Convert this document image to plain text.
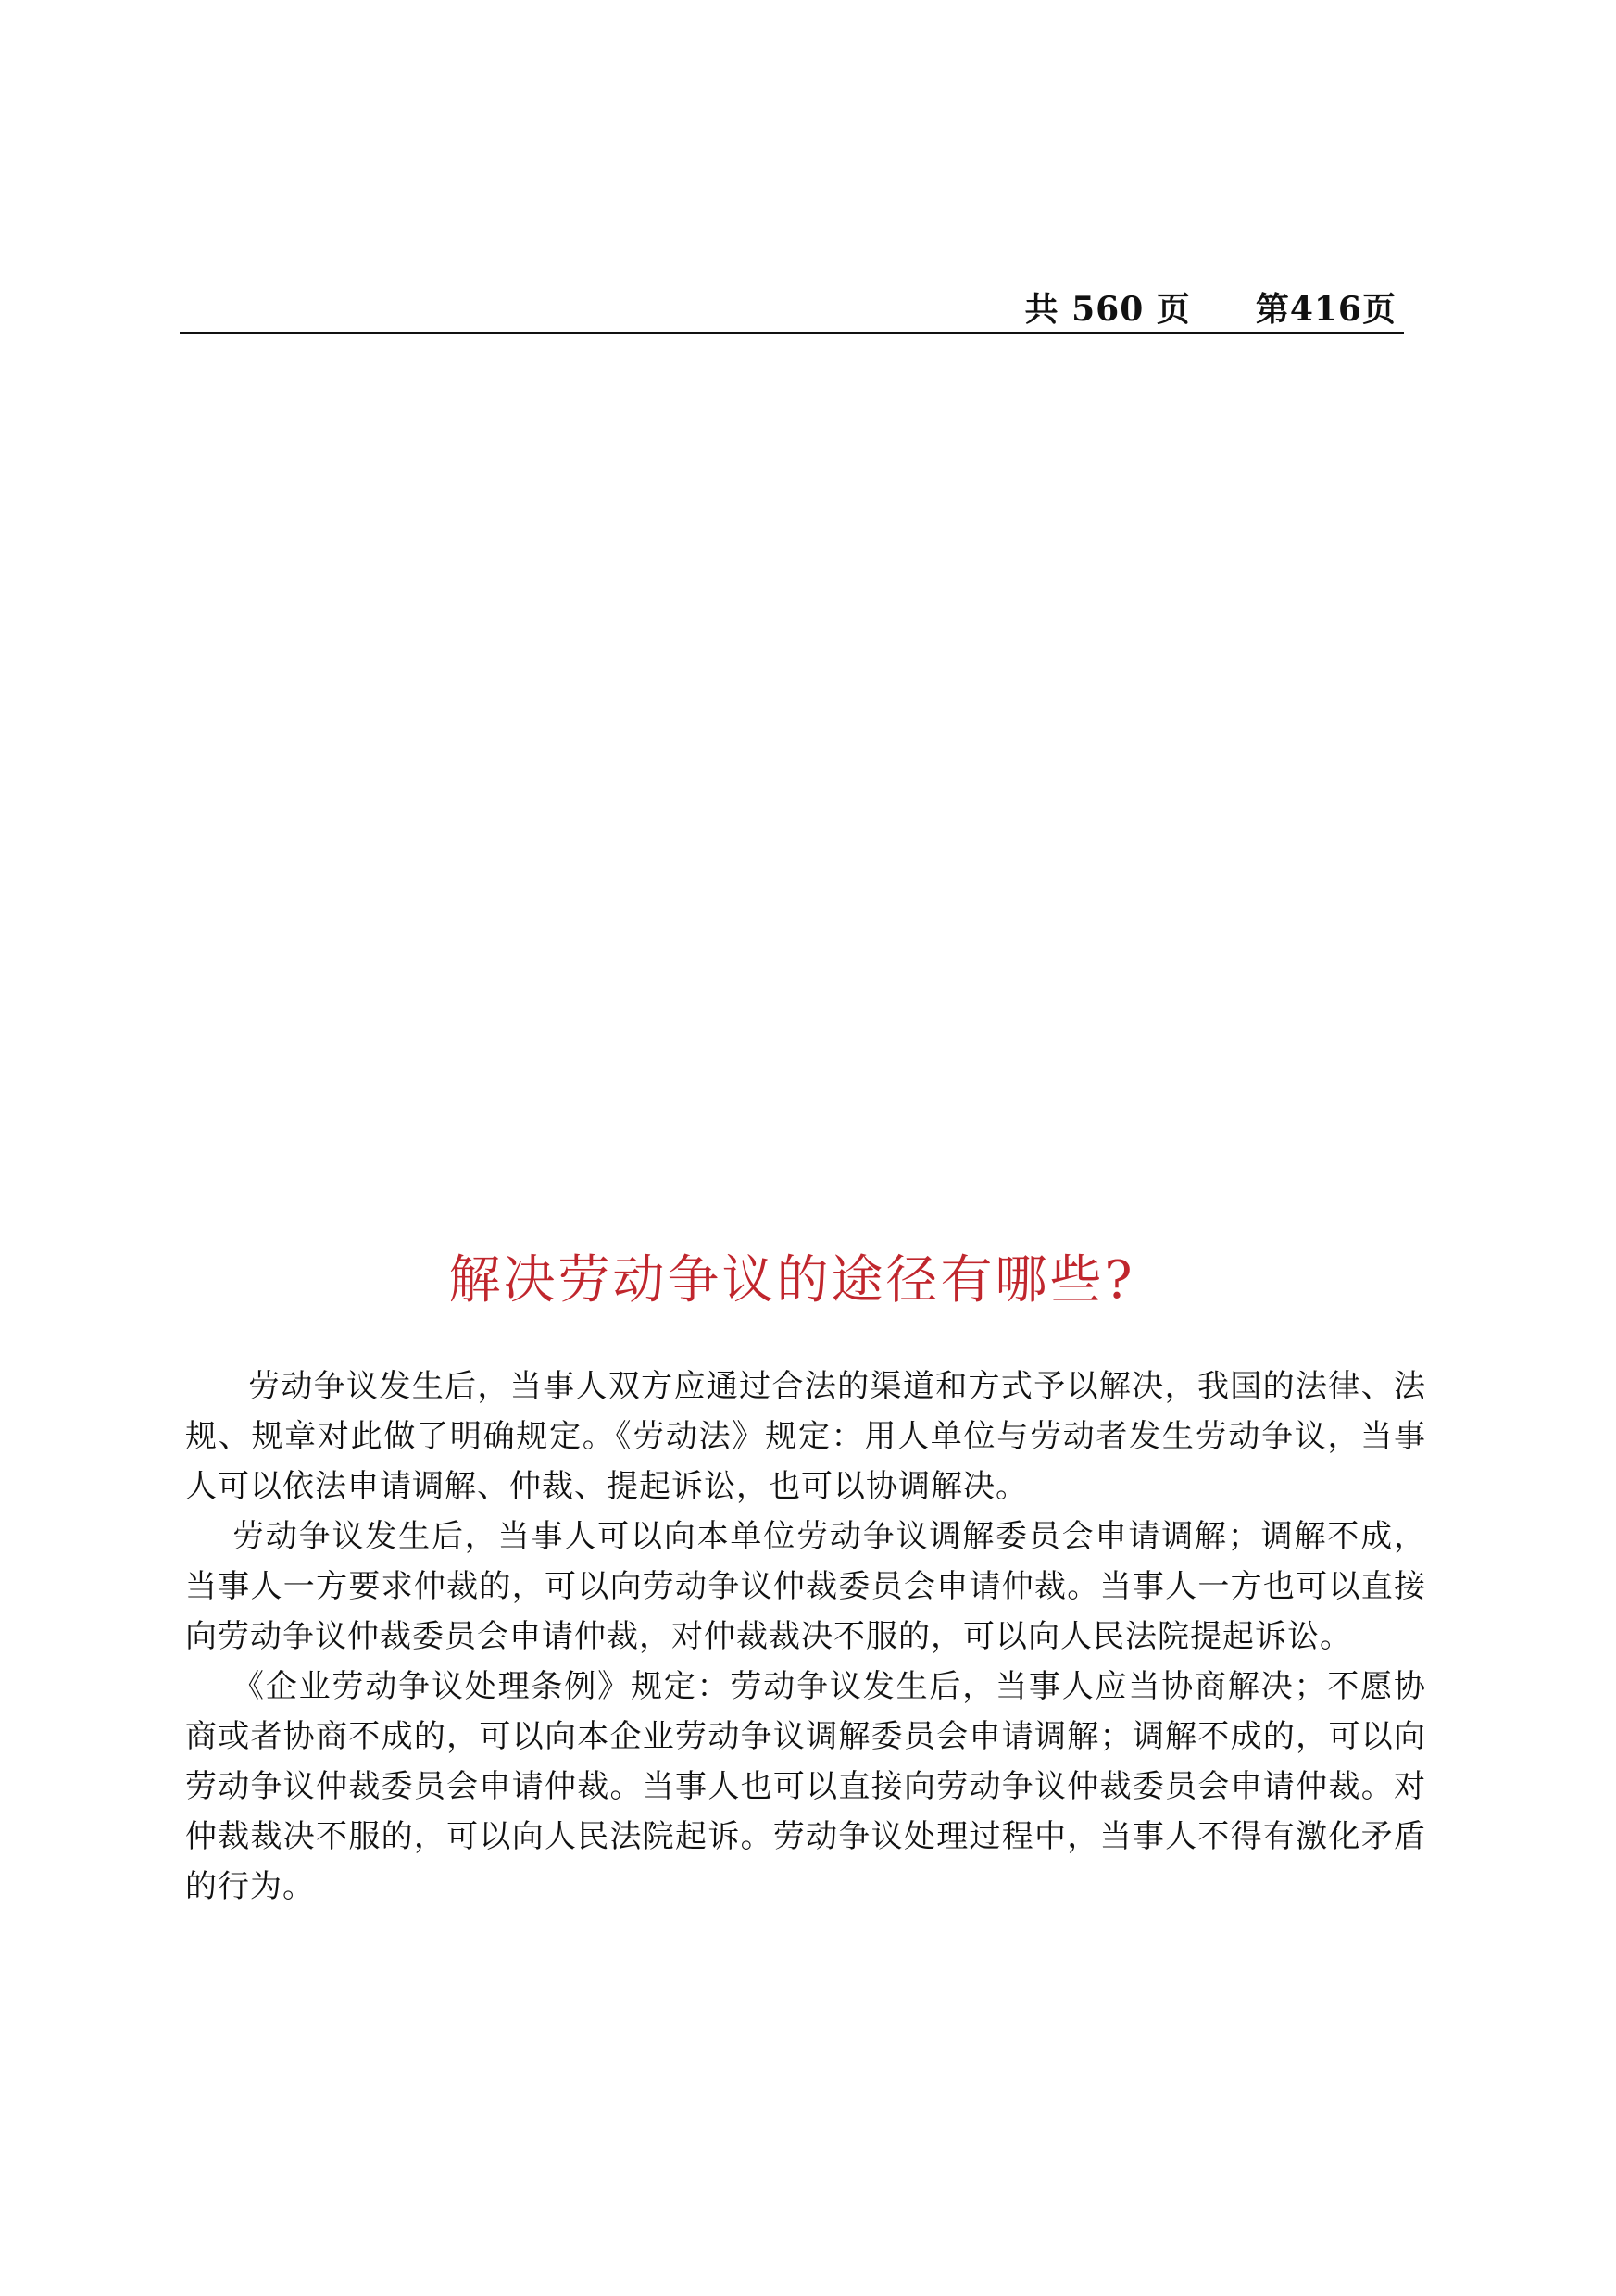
共 560 页 第416页
解决劳动争议的途径有哪些?

劳动争议发生后，当事人双方应通过合法的渠道和方式予以解决，我国的法律、法规、规章对此做了明确规定。《劳动法》规定：用人单位与劳动者发生劳动争议，当事人可以依法申请调解、仲裁、提起诉讼，也可以协调解决。

劳动争议发生后，当事人可以向本单位劳动争议调解委员会申请调解；调解不成，当事人一方要求仲裁的，可以向劳动争议仲裁委员会申请仲裁。当事人一方也可以直接向劳动争议仲裁委员会申请仲裁，对仲裁裁决不服的，可以向人民法院提起诉讼。

《企业劳动争议处理条例》规定：劳动争议发生后，当事人应当协商解决；不愿协商或者协商不成的，可以向本企业劳动争议调解委员会申请调解；调解不成的，可以向劳动争议仲裁委员会申请仲裁。当事人也可以直接向劳动争议仲裁委员会申请仲裁。对仲裁裁决不服的，可以向人民法院起诉。劳动争议处理过程中，当事人不得有激化矛盾的行为。
